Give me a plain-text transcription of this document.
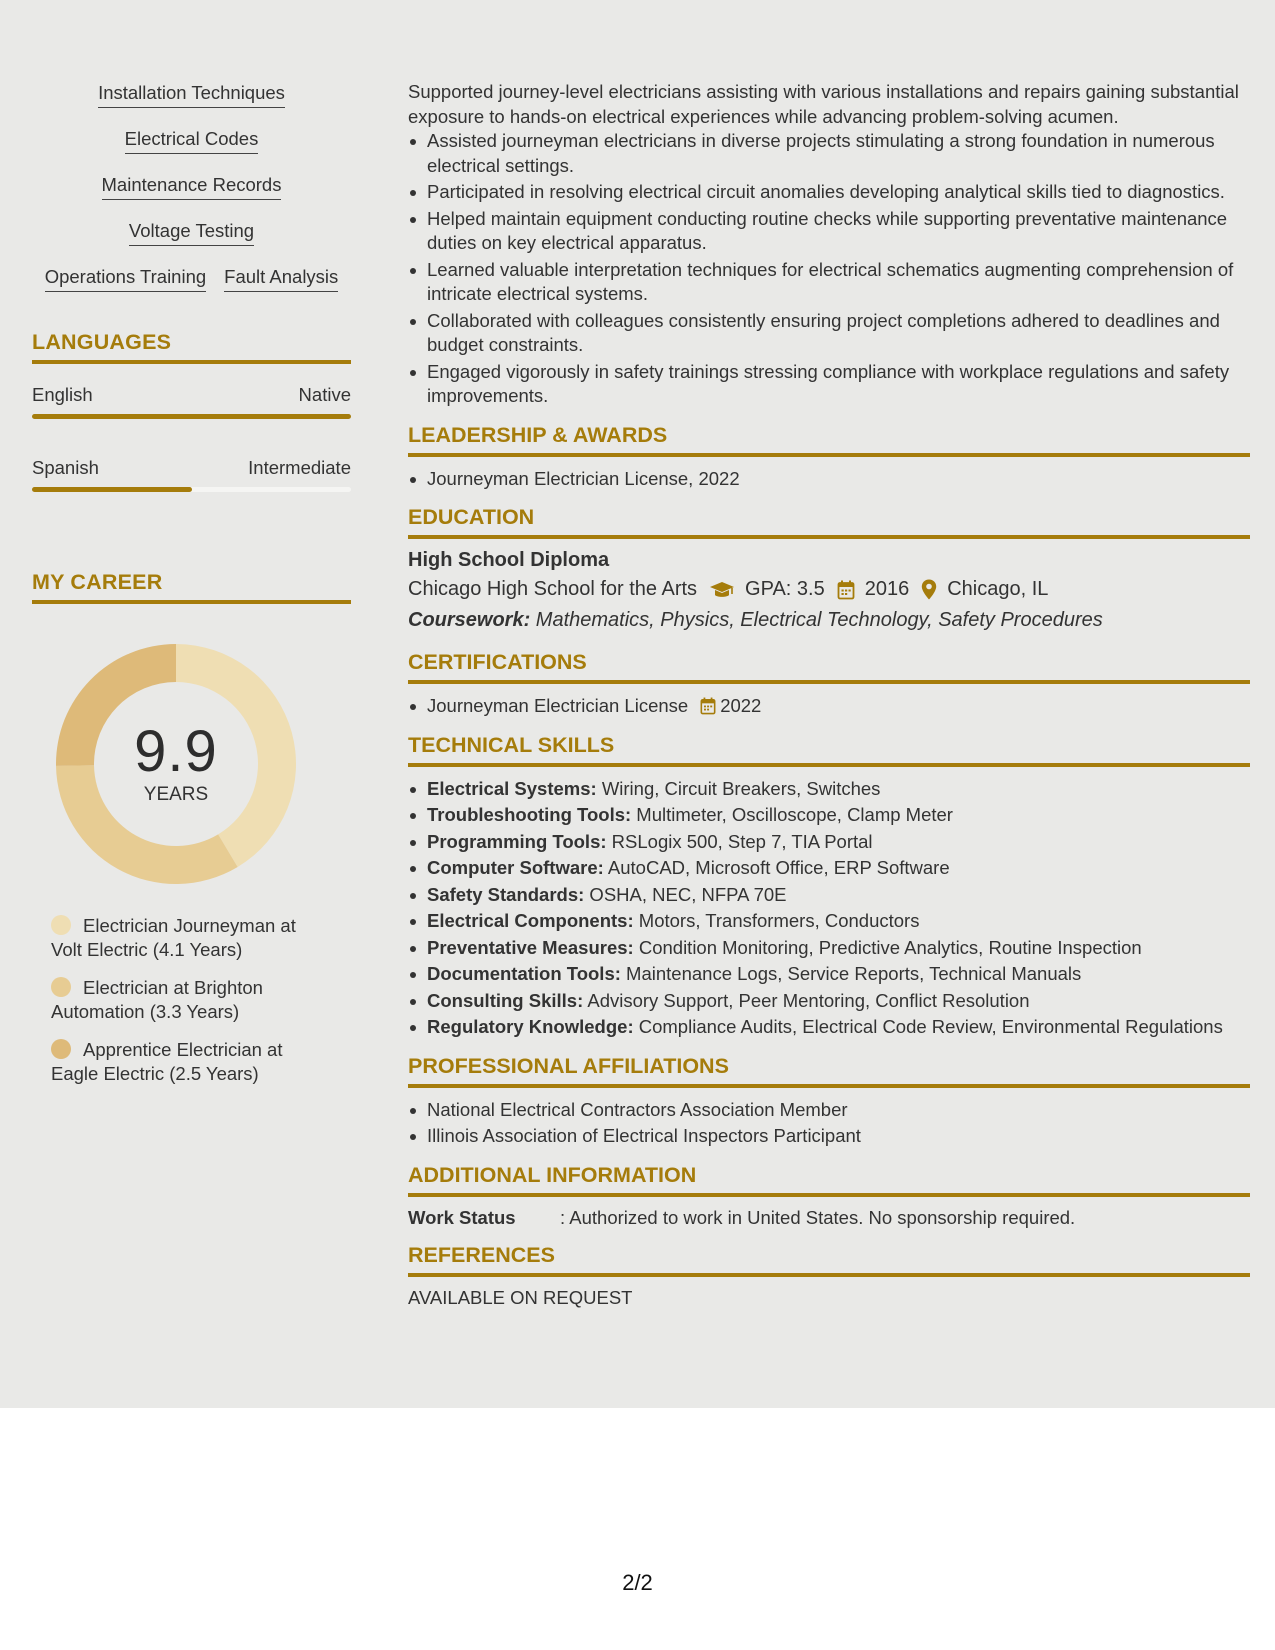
Installation Techniques
Electrical Codes
Maintenance Records
Voltage Testing
Operations Training Fault Analysis
LANGUAGES
English	Native
Spanish	Intermediate
MY CAREER
9.9
YEARS
Electrician Journeyman at Volt Electric (4.1 Years)
Electrician at Brighton Automation (3.3 Years)
Apprentice Electrician at Eagle Electric (2.5 Years)
Supported journey-level electricians assisting with various installations and repairs gaining substantial exposure to hands-on electrical experiences while advancing problem-solving acumen.
Assisted journeyman electricians in diverse projects stimulating a strong foundation in numerous electrical settings.
Participated in resolving electrical circuit anomalies developing analytical skills tied to diagnostics.
Helped maintain equipment conducting routine checks while supporting preventative maintenance duties on key electrical apparatus.
Learned valuable interpretation techniques for electrical schematics augmenting comprehension of intricate electrical systems.
Collaborated with colleagues consistently ensuring project completions adhered to deadlines and budget constraints.
Engaged vigorously in safety trainings stressing compliance with workplace regulations and safety improvements.
LEADERSHIP & AWARDS
Journeyman Electrician License, 2022
EDUCATION
High School Diploma
Chicago High School for the Arts GPA: 3.5 2016 Chicago, IL
Coursework: Mathematics, Physics, Electrical Technology, Safety Procedures
CERTIFICATIONS
Journeyman Electrician License 2022
TECHNICAL SKILLS
Electrical Systems: Wiring, Circuit Breakers, Switches
Troubleshooting Tools: Multimeter, Oscilloscope, Clamp Meter
Programming Tools: RSLogix 500, Step 7, TIA Portal
Computer Software: AutoCAD, Microsoft Office, ERP Software
Safety Standards: OSHA, NEC, NFPA 70E
Electrical Components: Motors, Transformers, Conductors
Preventative Measures: Condition Monitoring, Predictive Analytics, Routine Inspection
Documentation Tools: Maintenance Logs, Service Reports, Technical Manuals
Consulting Skills: Advisory Support, Peer Mentoring, Conflict Resolution
Regulatory Knowledge: Compliance Audits, Electrical Code Review, Environmental Regulations
PROFESSIONAL AFFILIATIONS
National Electrical Contractors Association Member
Illinois Association of Electrical Inspectors Participant
ADDITIONAL INFORMATION
Work Status	: Authorized to work in United States. No sponsorship required.
REFERENCES
AVAILABLE ON REQUEST
2/2
